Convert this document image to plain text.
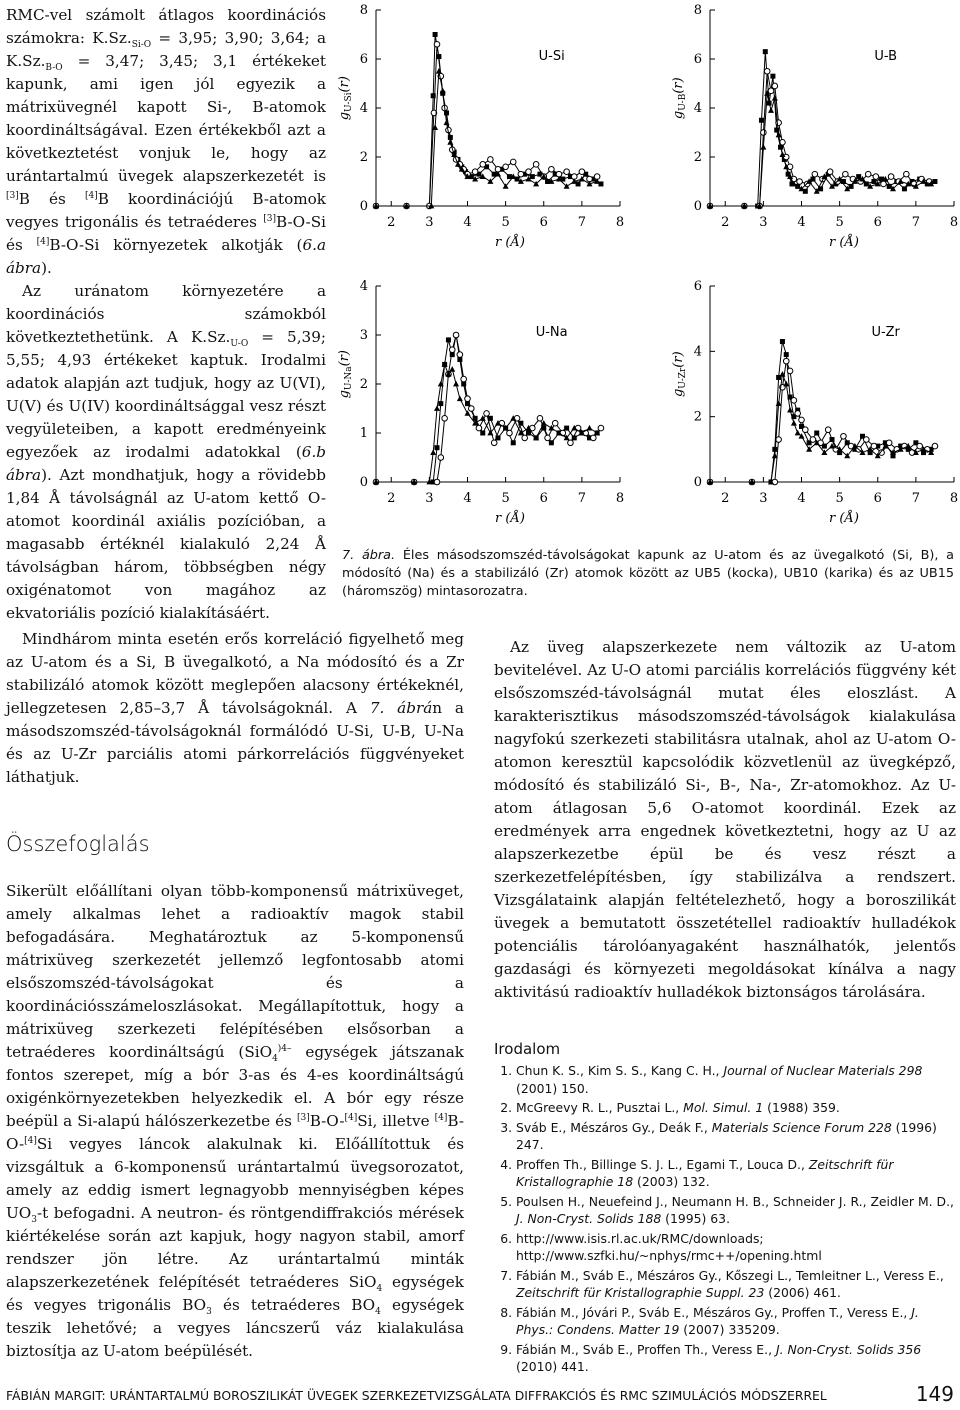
RMC-vel számolt átlagos koordinációs számokra: $K.Sz._{Si-O} = 3,95$; 3,90; 3,64; a $K.Sz._{B-O} = 3,47$; 3,45; 3,1 értékeket kapunk, ami igen jól egyezik a mátrixüvegnél kapott Si-, B-atomok koordináltságával. Ezen értékekből azt a következtetést vonjuk le, hogy az urántartalmú üvegek alapszerkezetét is [3]B és [4]B koordinációjú B-atomok vegyes trigonális és tetraéderes [3]B-O-Si és [4]B-O-Si környezetek alkotják (6.a ábra).

Az uránatom környezetére a koordinációs számokból következtethetünk. A $K.Sz._{U-O} = 5,39$; 5,55; 4,93 értékeket kaptuk. Irodalmi adatok alapján azt tudjuk, hogy az U(VI), U(V) és U(IV) koordináltsággal vesz részt vegyületeiben, a kapott eredményeink egyezőek az irodalmi adatokkal (6.b ábra). Azt mondhatjuk, hogy a rövidebb 1,84 Å távolságnál az U-atom kettő O-atomot koordinál axiális pozícióban, a magasabb értéknél kialakuló 2,24 Å távolságban három, többségben négy oxigénatomot von magához az ekvatoriális pozíció kialakításáért.

Mindhárom minta esetén erős korreláció figyelhető meg az U-atom és a Si, B üvegalkotó, a Na módosító és a Zr stabilizáló atomok között meglepően alacsony értékeknél, jellegzetesen 2,85–3,7 Å távolságoknál. A 7. ábrán a másodszomszéd-távolságoknál formálódó U-Si, U-B, U-Na és az U-Zr parciális atomi párkorrelációs függvényeket láthatjuk.

Összefoglalás

Sikerült előállítani olyan több-komponensű mátrixüveget, amely alkalmas lehet a radioaktív magok stabil befogadására. Meghatároztuk az 5-komponensű mátrixüveg szerkezetét jellemző legfontosabb atomi elsőszomszéd-távolságokat és a koordinációsszámeloszlásokat. Megállapítottuk, hogy a mátrixüveg szerkezeti felépítésében elsősorban a tetraéderes koordináltságú (SiO$_4^{)4-}$ egységek játszanak fontos szerepet, míg a bór 3-as és 4-es koordináltságú oxigénkörnyezetekben helyezkedik el. A bór egy része beépül a Si-alapú hálószerkezetbe és [3]B-O-[4]Si, illetve [4]B-O-[4]Si vegyes láncok alakulnak ki. Előállítottuk és vizsgáltuk a 6-komponensű urántartalmú üvegsorozatot, amely az eddig ismert legnagyobb mennyiségben képes $UO_3-t$ befogadni. A neutron- és röntgendiffrakciós mérések kiértékelése során azt kapjuk, hogy nagyon stabil, amorf rendszer jön létre. Az urántartalmú minták alapszerkezetének felépítését tetraéderes SiO$_4$ egységek és vegyes trigonális $BO_3$ és tetraéderes $BO_4$ egységek teszik lehetővé; a vegyes láncszerű váz kialakulása biztosítja az U-atom beépülését.

Az üveg alapszerkezete nem változik az U-atom bevitelével. Az U-O atomi parciális korrelációs függvény két elsőszomszéd-távolságnál mutat éles eloszlást. A karakterisztikus másodszomszéd-távolságok kialakulása nagyfokú szerkezeti stabilitásra utalnak, ahol az U-atom O-atomon keresztül kapcsolódik közvetlenül az üvegképző, módosító és stabilizáló Si-, B-, Na-, Zr-atomokhoz. Az U-atom átlagosan 5,6 O-atomot koordinál. Ezek az eredmények arra engednek következtetni, hogy az U az alapszerkezetbe épül be és vesz részt a szerkezetfelépítésben, így stabilizálva a rendszert. Vizsgálataink alapján feltételezhető, hogy a boroszilikát üvegek a bemutatott összetétellel radioaktív hulladékok potenciális tárolóanyagaként használhatók, jelentős gazdasági és környezeti megoldásokat kínálva a nagy aktivitású radioaktív hulladékok biztonságos tárolására.

0
2
4
6
8
2 3 4 5 6 7 8
r (Å)
$g_{U-Si}(r)$
U-Si
0
2
4
6
8
2 3 4 5 6 7 8
r (Å)
$g_{U-B}(r)$
U-B
0
1
2
3
4
2 3 4 5 6 7 8
r (Å)
$g_{U-Na}(r)$
U-Na
0
2
4
6
2 3 4 5 6 7 8
r (Å)
$g_{U-Zr}(r)$
U-Zr
7. ábra. Éles másodszomszéd-távolságokat kapunk az U-atom és az üvegalkotó (Si, B), a módosító (Na) és a stabilizáló (Zr) atomok között az UB5 (kocka), UB10 (karika) és az UB15 (háromszög) mintasorozatra.
Irodalom
1. Chun K. S., Kim S. S., Kang C. H., Journal of Nuclear Materials 298 (2001) 150.
2. McGreevy R. L., Pusztai L., Mol. Simul. 1 (1988) 359.
3. Sváb E., Mészáros Gy., Deák F., Materials Science Forum 228 (1996) 247.
4. Proffen Th., Billinge S. J. L., Egami T., Louca D., Zeitschrift für Kristallographie 18 (2003) 132.
5. Poulsen H., Neuefeind J., Neumann H. B., Schneider J. R., Zeidler M. D., J. Non-Cryst. Solids 188 (1995) 63.
6. http://www.isis.rl.ac.uk/RMC/downloads; http://www.szfki.hu/~nphys/rmc++/opening.html
7. Fábián M., Sváb E., Mészáros Gy., Kőszegi L., Temleitner L., Veress E., Zeitschrift für Kristallographie Suppl. 23 (2006) 461.
8. Fábián M., Jóvári P., Sváb E., Mészáros Gy., Proffen T., Veress E., J. Phys.: Condens. Matter 19 (2007) 335209.
9. Fábián M., Sváb E., Proffen Th., Veress E., J. Non-Cryst. Solids 356 (2010) 441.
FÁBIÁN MARGIT: URÁNTARTALMÚ BOROSZILIKÁT ÜVEGEK SZERKEZETVIZSGÁLATA DIFFRAKCIÓS ÉS RMC SZIMULÁCIÓS MÓDSZERREL	149
